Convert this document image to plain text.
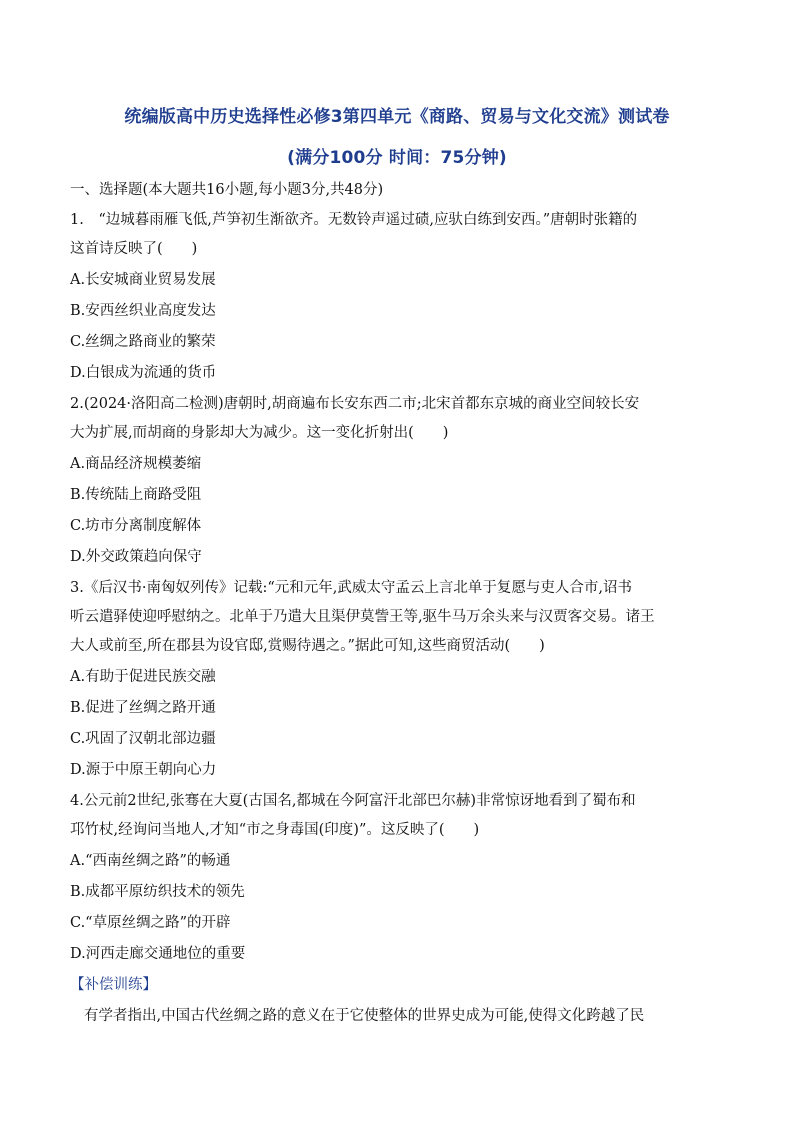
统编版高中历史选择性必修3第四单元《商路、贸易与文化交流》测试卷
(满分100分 时间：75分钟)
一、选择题(本大题共16小题,每小题3分,共48分)
1.　“边城暮雨雁飞低,芦笋初生渐欲齐。无数铃声遥过碛,应驮白练到安西。”唐朝时张籍的
这首诗反映了(　　)
A.长安城商业贸易发展
B.安西丝织业高度发达
C.丝绸之路商业的繁荣
D.白银成为流通的货币
2.(2024·洛阳高二检测)唐朝时,胡商遍布长安东西二市;北宋首都东京城的商业空间较长安
大为扩展,而胡商的身影却大为减少。这一变化折射出(　　)
A.商品经济规模萎缩
B.传统陆上商路受阻
C.坊市分离制度解体
D.外交政策趋向保守
3.《后汉书·南匈奴列传》记载:“元和元年,武威太守孟云上言北单于复愿与吏人合市,诏书
听云遣驿使迎呼慰纳之。北单于乃遣大且渠伊莫訾王等,驱牛马万余头来与汉贾客交易。诸王
大人或前至,所在郡县为设官邸,赏赐待遇之。”据此可知,这些商贸活动(　　)
A.有助于促进民族交融
B.促进了丝绸之路开通
C.巩固了汉朝北部边疆
D.源于中原王朝向心力
4.公元前2世纪,张骞在大夏(古国名,都城在今阿富汗北部巴尔赫)非常惊讶地看到了蜀布和
邛竹杖,经询问当地人,才知“市之身毒国(印度)”。这反映了(　　)
A.“西南丝绸之路”的畅通
B.成都平原纺织技术的领先
C.“草原丝绸之路”的开辟
D.河西走廊交通地位的重要
【补偿训练】
有学者指出,中国古代丝绸之路的意义在于它使整体的世界史成为可能,使得文化跨越了民
